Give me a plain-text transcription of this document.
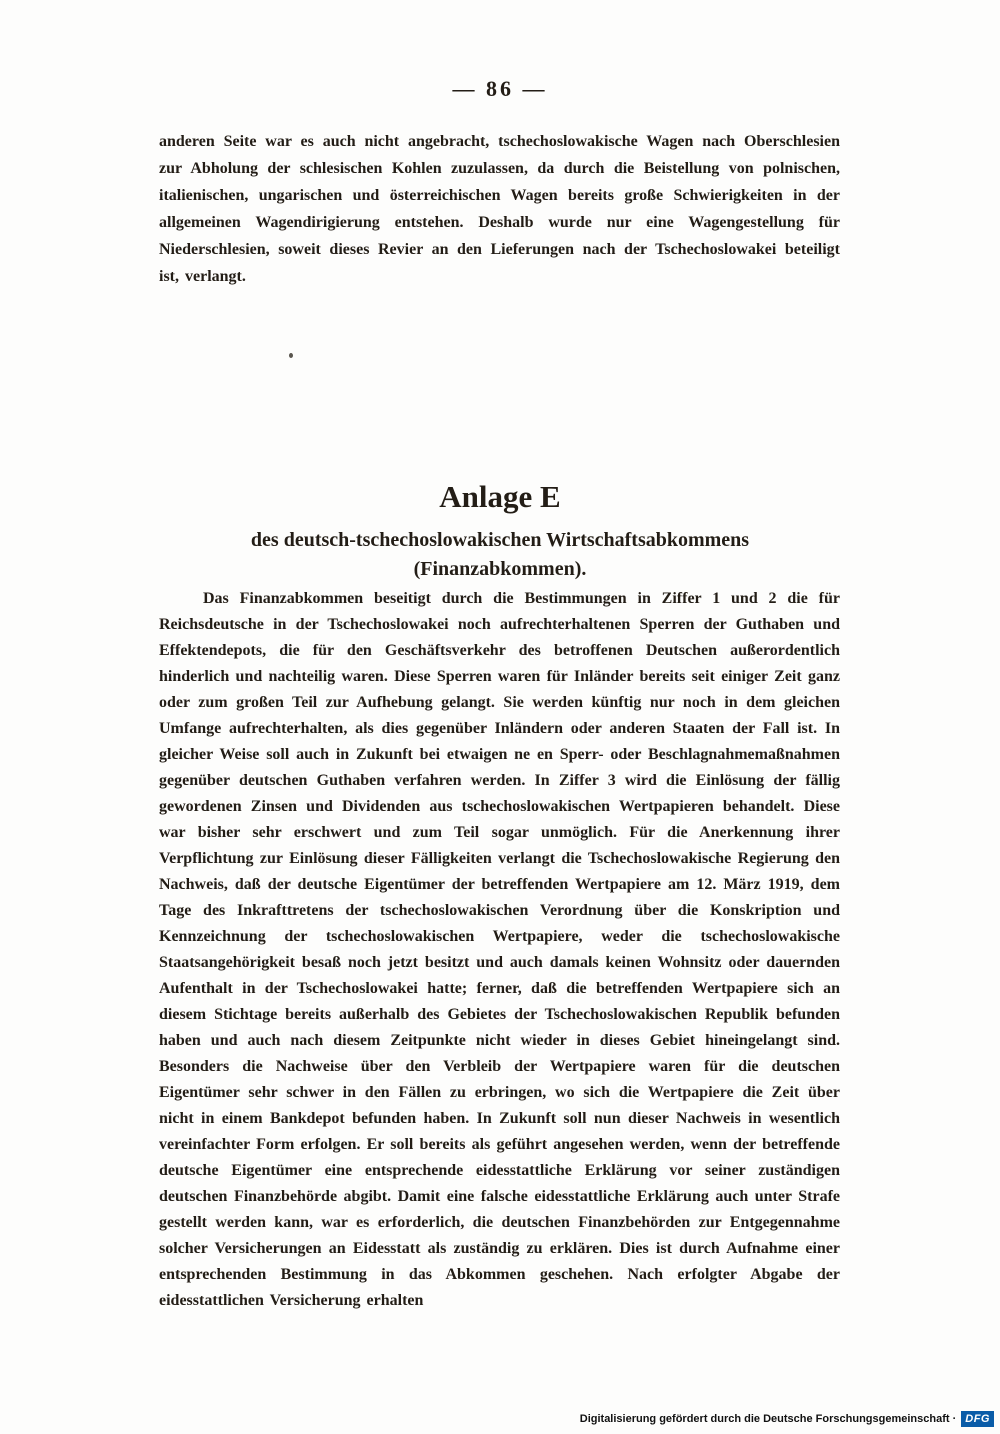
— 86 —

anderen Seite war es auch nicht angebracht, tschechoslowakische Wagen nach Oberschlesien zur Abholung der schlesischen Kohlen zuzulassen, da durch die Beistellung von polnischen, italienischen, ungarischen und österreichischen Wagen bereits große Schwierigkeiten in der allgemeinen Wagendirigierung entstehen. Deshalb wurde nur eine Wagengestellung für Niederschlesien, soweit dieses Revier an den Lieferungen nach der Tschechoslowakei beteiligt ist, verlangt.

Anlage E
des deutsch-tschechoslowakischen Wirtschaftsabkommens
(Finanzabkommen).

Das Finanzabkommen beseitigt durch die Bestimmungen in Ziffer 1 und 2 die für Reichsdeutsche in der Tschechoslowakei noch aufrechterhaltenen Sperren der Guthaben und Effektendepots, die für den Geschäftsverkehr des betroffenen Deutschen außerordentlich hinderlich und nachteilig waren. Diese Sperren waren für Inländer bereits seit einiger Zeit ganz oder zum großen Teil zur Aufhebung gelangt. Sie werden künftig nur noch in dem gleichen Umfange aufrechterhalten, als dies gegenüber Inländern oder anderen Staaten der Fall ist. In gleicher Weise soll auch in Zukunft bei etwaigen ne en Sperr- oder Beschlagnahmemaßnahmen gegenüber deutschen Guthaben verfahren werden. In Ziffer 3 wird die Einlösung der fällig gewordenen Zinsen und Dividenden aus tschechoslowakischen Wertpapieren behandelt. Diese war bisher sehr erschwert und zum Teil sogar unmöglich. Für die Anerkennung ihrer Verpflichtung zur Einlösung dieser Fälligkeiten verlangt die Tschechoslowakische Regierung den Nachweis, daß der deutsche Eigentümer der betreffenden Wertpapiere am 12. März 1919, dem Tage des Inkrafttretens der tschechoslowakischen Verordnung über die Konskription und Kennzeichnung der tschechoslowakischen Wertpapiere, weder die tschechoslowakische Staatsangehörigkeit besaß noch jetzt besitzt und auch damals keinen Wohnsitz oder dauernden Aufenthalt in der Tschechoslowakei hatte; ferner, daß die betreffenden Wertpapiere sich an diesem Stichtage bereits außerhalb des Gebietes der Tschechoslowakischen Republik befunden haben und auch nach diesem Zeitpunkte nicht wieder in dieses Gebiet hineingelangt sind. Besonders die Nachweise über den Verbleib der Wertpapiere waren für die deutschen Eigentümer sehr schwer in den Fällen zu erbringen, wo sich die Wertpapiere die Zeit über nicht in einem Bankdepot befunden haben. In Zukunft soll nun dieser Nachweis in wesentlich vereinfachter Form erfolgen. Er soll bereits als geführt angesehen werden, wenn der betreffende deutsche Eigentümer eine entsprechende eidesstattliche Erklärung vor seiner zuständigen deutschen Finanzbehörde abgibt. Damit eine falsche eidesstattliche Erklärung auch unter Strafe gestellt werden kann, war es erforderlich, die deutschen Finanzbehörden zur Entgegennahme solcher Versicherungen an Eidesstatt als zuständig zu erklären. Dies ist durch Aufnahme einer entsprechenden Bestimmung in das Abkommen geschehen. Nach erfolgter Abgabe der eidesstattlichen Versicherung erhalten

Digitalisierung gefördert durch die Deutsche Forschungsgemeinschaft · DFG
